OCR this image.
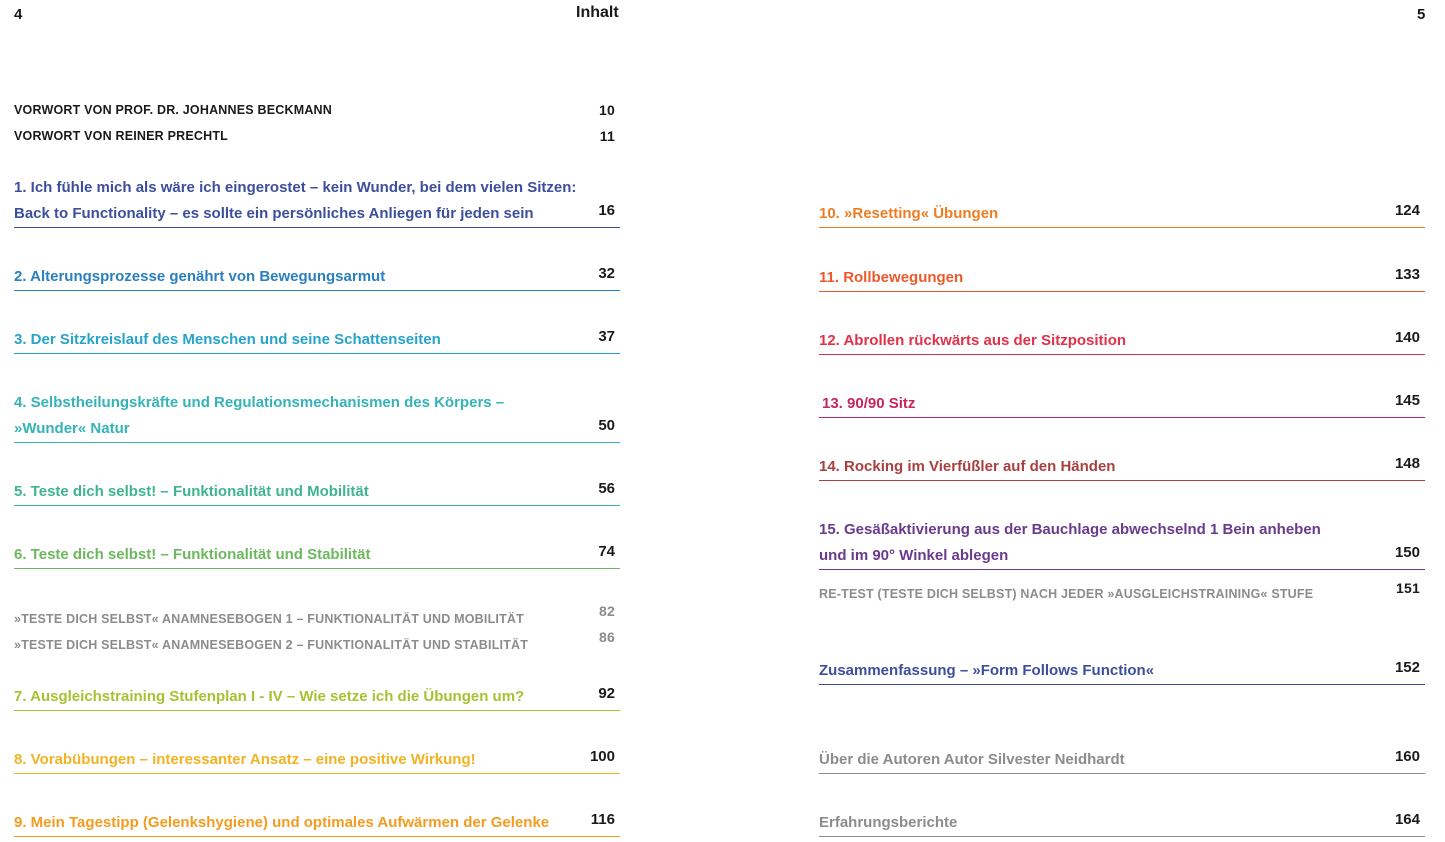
4	Inhalt	5
VORWORT VON PROF. DR. JOHANNES BECKMANN	10
VORWORT VON REINER PRECHTL	11
1. Ich fühle mich als wäre ich eingerostet – kein Wunder, bei dem vielen Sitzen:
Back to Functionality – es sollte ein persönliches Anliegen für jeden sein	16
2. Alterungsprozesse genährt von Bewegungsarmut	32
3. Der Sitzkreislauf des Menschen und seine Schattenseiten	37
4. Selbstheilungskräfte und Regulationsmechanismen des Körpers –
»Wunder« Natur	50
5. Teste dich selbst! – Funktionalität und Mobilität	56
6. Teste dich selbst! – Funktionalität und Stabilität	74
»TESTE DICH SELBST« ANAMNESEBOGEN 1 – FUNKTIONALITÄT UND MOBILITÄT	82
»TESTE DICH SELBST« ANAMNESEBOGEN 2 – FUNKTIONALITÄT UND STABILITÄT	86
7. Ausgleichstraining Stufenplan I - IV – Wie setze ich die Übungen um?	92
8. Vorabübungen – interessanter Ansatz – eine positive Wirkung!	100
9. Mein Tagestipp (Gelenkshygiene) und optimales Aufwärmen der Gelenke	116
10. »Resetting« Übungen	124
11. Rollbewegungen	133
12. Abrollen rückwärts aus der Sitzposition	140
13. 90/90 Sitz	145
14. Rocking im Vierfüßler auf den Händen	148
15. Gesäßaktivierung aus der Bauchlage abwechselnd 1 Bein anheben
und im 90° Winkel ablegen	150
RE-TEST (TESTE DICH SELBST) NACH JEDER »AUSGLEICHSTRAINING« STUFE	151
Zusammenfassung – »Form Follows Function«	152
Über die Autoren Autor Silvester Neidhardt	160
Erfahrungsberichte	164
